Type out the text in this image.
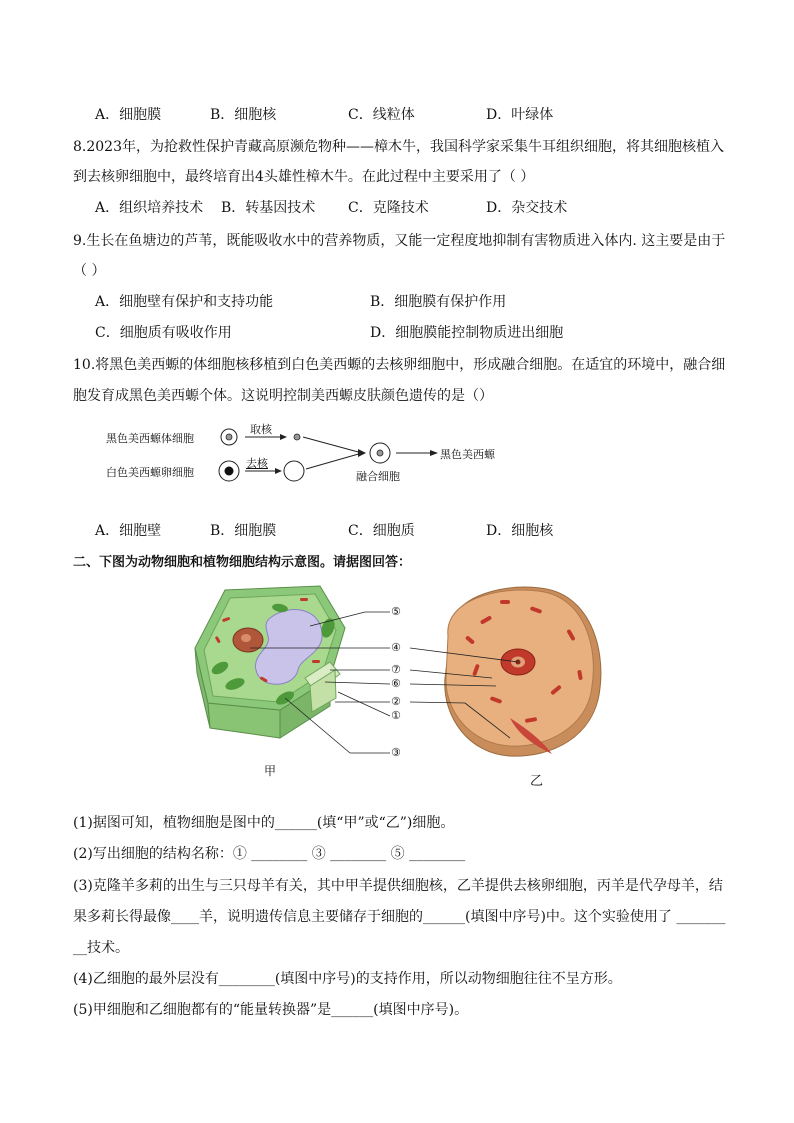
A．细胞膜	B．细胞核	C．线粒体	D．叶绿体
8.2023年，为抢救性保护青藏高原濒危物种——樟木牛，我国科学家采集牛耳组织细胞，将其细胞核植入
到去核卵细胞中，最终培育出4头雄性樟木牛。在此过程中主要采用了（ ）
A．组织培养技术 B．转基因技术 C．克隆技术	D．杂交技术
9.生长在鱼塘边的芦苇，既能吸收水中的营养物质，又能一定程度地抑制有害物质进入体内. 这主要是由于
（ ）
A．细胞壁有保护和支持功能	B．细胞膜有保护作用
C．细胞质有吸收作用	D．细胞膜能控制物质进出细胞
10.将黑色美西螈的体细胞核移植到白色美西螈的去核卵细胞中，形成融合细胞。在适宜的环境中，融合细
胞发育成黑色美西螈个体。这说明控制美西螈皮肤颜色遗传的是（）
黑色美西螈体细胞
白色美西螈卵细胞
取核
去核
融合细胞
黑色美西螈
A．细胞壁	B．细胞膜	C．细胞质	D．细胞核
二、下图为动物细胞和植物细胞结构示意图。请据图回答：
⑤
④
⑦
⑥
②
①
③
甲
乙
(1)据图可知，植物细胞是图中的______(填“甲”或“乙”)细胞。
(2)写出细胞的结构名称：① ________ ③ ________ ⑤ ________
(3)克隆羊多莉的出生与三只母羊有关，其中甲羊提供细胞核，乙羊提供去核卵细胞，丙羊是代孕母羊，结
果多莉长得最像____羊，说明遗传信息主要储存于细胞的______(填图中序号)中。这个实验使用了 _______
__技术。
(4)乙细胞的最外层没有________(填图中序号)的支持作用，所以动物细胞往往不呈方形。
(5)甲细胞和乙细胞都有的“能量转换器”是______(填图中序号)。
